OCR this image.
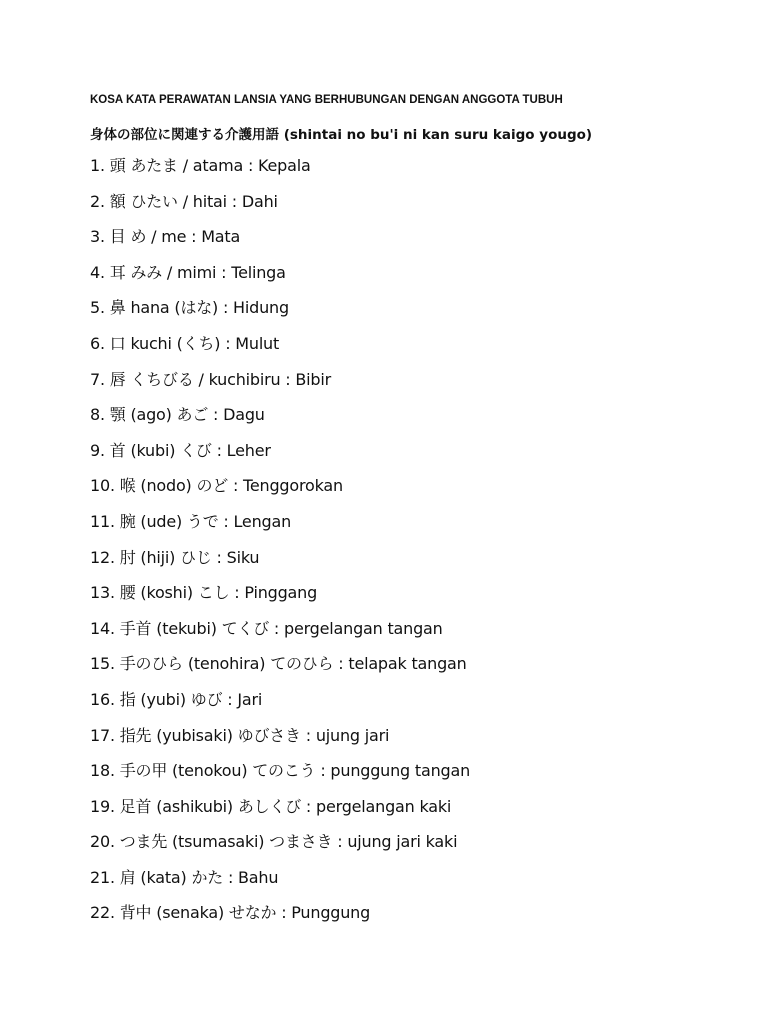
KOSA KATA PERAWATAN LANSIA YANG BERHUBUNGAN DENGAN ANGGOTA TUBUH
身体の部位に関連する介護用語 (shintai no bu'i ni kan suru kaigo yougo)
1. 頭 あたま / atama : Kepala
2. 額 ひたい / hitai : Dahi
3. 目 め / me : Mata
4. 耳 みみ / mimi : Telinga
5. 鼻 hana (はな) : Hidung
6. 口 kuchi (くち) : Mulut
7. 唇 くちびる / kuchibiru : Bibir
8. 顎 (ago) あご : Dagu
9. 首 (kubi) くび : Leher
10. 喉 (nodo) のど : Tenggorokan
11. 腕 (ude) うで : Lengan
12. 肘 (hiji) ひじ : Siku
13. 腰 (koshi) こし : Pinggang
14. 手首 (tekubi) てくび : pergelangan tangan
15. 手のひら (tenohira) てのひら : telapak tangan
16. 指 (yubi) ゆび : Jari
17. 指先 (yubisaki) ゆびさき : ujung jari
18. 手の甲 (tenokou) てのこう : punggung tangan
19. 足首 (ashikubi) あしくび : pergelangan kaki
20. つま先 (tsumasaki) つまさき : ujung jari kaki
21. 肩 (kata) かた : Bahu
22. 背中 (senaka) せなか : Punggung
